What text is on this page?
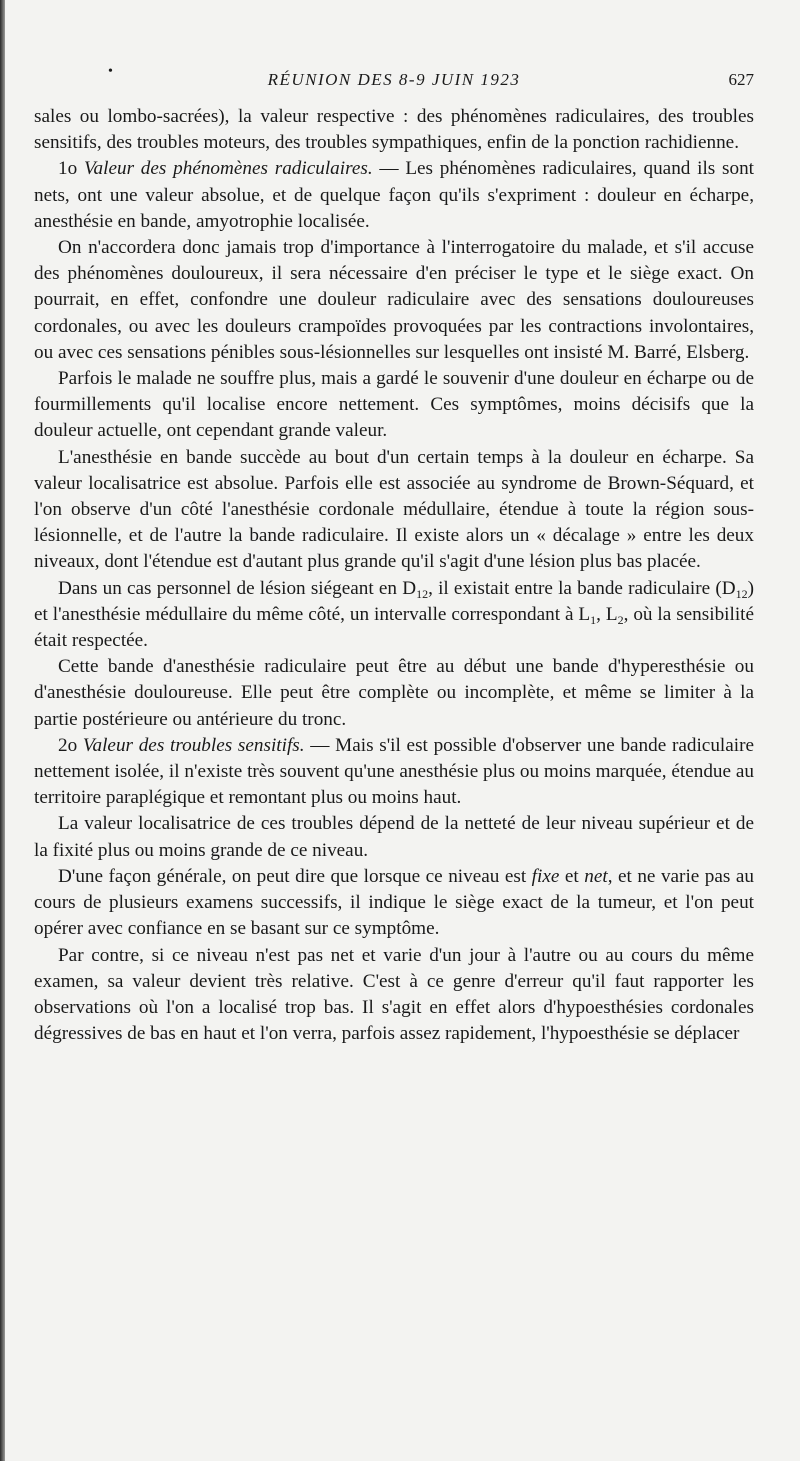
•	RÉUNION DES 8-9 JUIN 1923	627

sales ou lombo-sacrées), la valeur respective : des phénomènes radiculaires, des troubles sensitifs, des troubles moteurs, des troubles sympathiques, enfin de la ponction rachidienne.

1o Valeur des phénomènes radiculaires. — Les phénomènes radiculaires, quand ils sont nets, ont une valeur absolue, et de quelque façon qu'ils s'expriment : douleur en écharpe, anesthésie en bande, amyotrophie localisée.

On n'accordera donc jamais trop d'importance à l'interrogatoire du malade, et s'il accuse des phénomènes douloureux, il sera nécessaire d'en préciser le type et le siège exact. On pourrait, en effet, confondre une douleur radiculaire avec des sensations douloureuses cordonales, ou avec les douleurs crampoïdes provoquées par les contractions involontaires, ou avec ces sensations pénibles sous-lésionnelles sur lesquelles ont insisté M. Barré, Elsberg.

Parfois le malade ne souffre plus, mais a gardé le souvenir d'une douleur en écharpe ou de fourmillements qu'il localise encore nettement. Ces symptômes, moins décisifs que la douleur actuelle, ont cependant grande valeur.

L'anesthésie en bande succède au bout d'un certain temps à la douleur en écharpe. Sa valeur localisatrice est absolue. Parfois elle est associée au syndrome de Brown-Séquard, et l'on observe d'un côté l'anesthésie cordonale médullaire, étendue à toute la région sous-lésionnelle, et de l'autre la bande radiculaire. Il existe alors un « décalage » entre les deux niveaux, dont l'étendue est d'autant plus grande qu'il s'agit d'une lésion plus bas placée.

Dans un cas personnel de lésion siégeant en $D_{12}$, il existait entre la bande radiculaire $(D_{12})$ et l'anesthésie médullaire du même côté, un intervalle correspondant à $L_1$, $L_2$, où la sensibilité était respectée.

Cette bande d'anesthésie radiculaire peut être au début une bande d'hyperesthésie ou d'anesthésie douloureuse. Elle peut être complète ou incomplète, et même se limiter à la partie postérieure ou antérieure du tronc.

2o Valeur des troubles sensitifs. — Mais s'il est possible d'observer une bande radiculaire nettement isolée, il n'existe très souvent qu'une anesthésie plus ou moins marquée, étendue au territoire paraplégique et remontant plus ou moins haut.

La valeur localisatrice de ces troubles dépend de la netteté de leur niveau supérieur et de la fixité plus ou moins grande de ce niveau.

D'une façon générale, on peut dire que lorsque ce niveau est fixe et net, et ne varie pas au cours de plusieurs examens successifs, il indique le siège exact de la tumeur, et l'on peut opérer avec confiance en se basant sur ce symptôme.

Par contre, si ce niveau n'est pas net et varie d'un jour à l'autre ou au cours du même examen, sa valeur devient très relative. C'est à ce genre d'erreur qu'il faut rapporter les observations où l'on a localisé trop bas. Il s'agit en effet alors d'hypoesthésies cordonales dégressives de bas en haut et l'on verra, parfois assez rapidement, l'hypoesthésie se déplacer
